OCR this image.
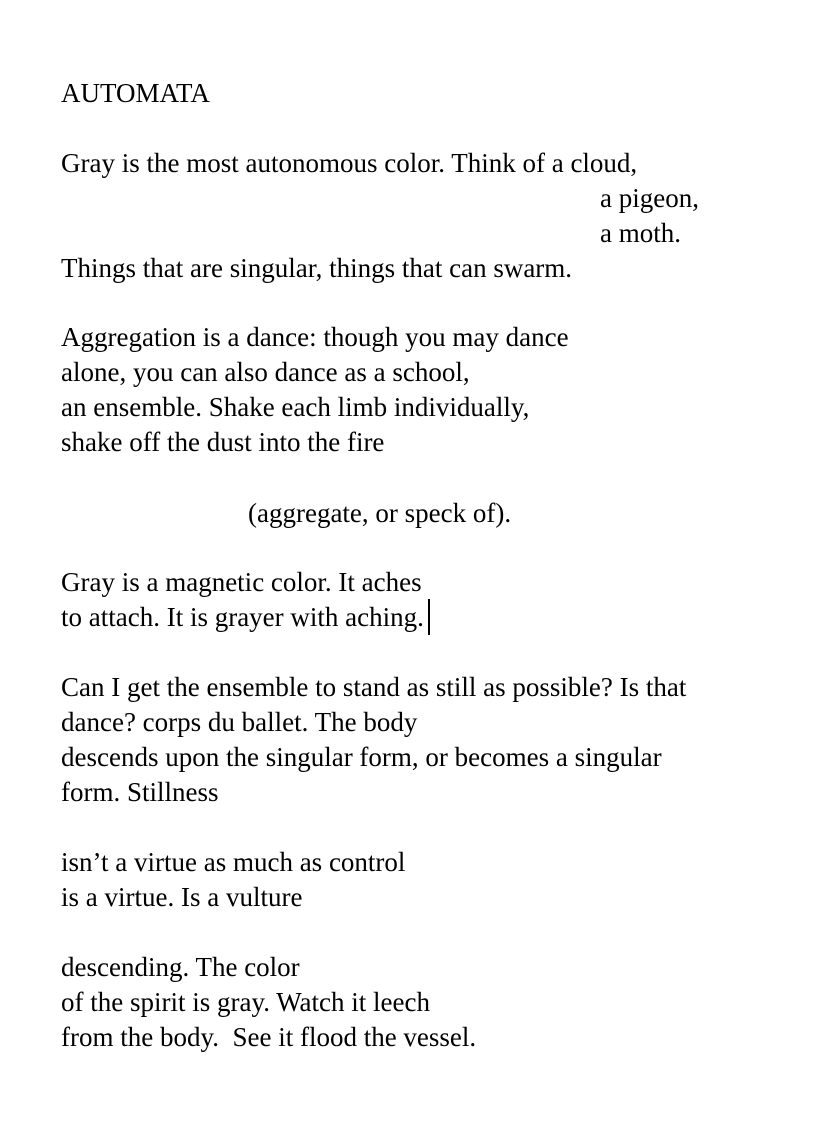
AUTOMATA

Gray is the most autonomous color. Think of a cloud,

a pigeon,

a moth.

Things that are singular, things that can swarm.

Aggregation is a dance: though you may dance

alone, you can also dance as a school,

an ensemble. Shake each limb individually,

shake off the dust into the fire

(aggregate, or speck of).

Gray is a magnetic color. It aches

to attach. It is grayer with aching.

Can I get the ensemble to stand as still as possible? Is that

dance? corps du ballet. The body

descends upon the singular form, or becomes a singular

form. Stillness

isn’t a virtue as much as control

is a virtue. Is a vulture

descending. The color

of the spirit is gray. Watch it leech

from the body.  See it flood the vessel.
